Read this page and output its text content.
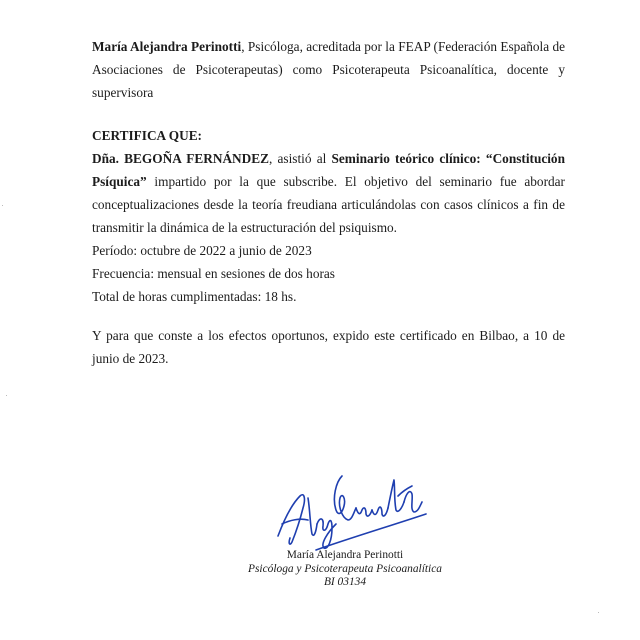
María Alejandra Perinotti, Psicóloga, acreditada por la FEAP (Federación Española de Asociaciones de Psicoterapeutas) como Psicoterapeuta Psicoanalítica, docente y supervisora

CERTIFICA QUE:

Dña. BEGOÑA FERNÁNDEZ, asistió al Seminario teórico clínico: “Constitución Psíquica” impartido por la que subscribe. El objetivo del seminario fue abordar conceptualizaciones desde la teoría freudiana articulándolas con casos clínicos a fin de transmitir la dinámica de la estructuración del psiquismo.

Período: octubre de 2022 a junio de 2023
Frecuencia: mensual en sesiones de dos horas
Total de horas cumplimentadas: 18 hs.

Y para que conste a los efectos oportunos, expido este certificado en Bilbao, a 10 de junio de 2023.

María Alejandra Perinotti
Psicóloga y Psicoterapeuta Psicoanalítica
BI 03134
